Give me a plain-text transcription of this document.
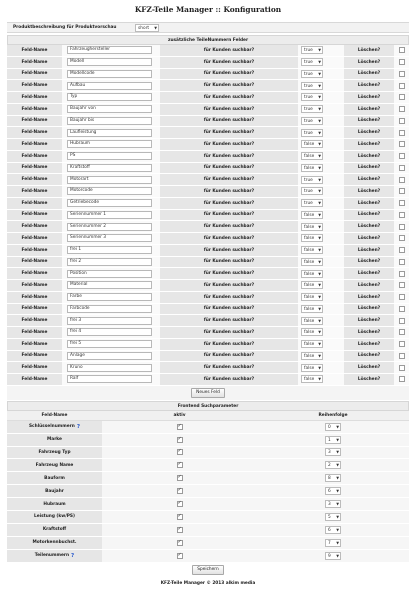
KFZ-Teile Manager :: Konfiguration
Produktbeschreibung für Produktvorschau	short ▼
zusätzliche TeileNummern Felder
Feld-Name	Fahrzeughersteller	für Kunden suchbar?	true ▼	Löschen?
Feld-Name	Modell	für Kunden suchbar?	true ▼	Löschen?
Feld-Name	Modellcode	für Kunden suchbar?	true ▼	Löschen?
Feld-Name	Aufbau	für Kunden suchbar?	true ▼	Löschen?
Feld-Name	Typ	für Kunden suchbar?	true ▼	Löschen?
Feld-Name	Baujahr von	für Kunden suchbar?	true ▼	Löschen?
Feld-Name	Baujahr bis	für Kunden suchbar?	true ▼	Löschen?
Feld-Name	Laufleistung	für Kunden suchbar?	true ▼	Löschen?
Feld-Name	Hubraum	für Kunden suchbar?	false ▼	Löschen?
Feld-Name	PS	für Kunden suchbar?	false ▼	Löschen?
Feld-Name	Kraftstoff	für Kunden suchbar?	false ▼	Löschen?
Feld-Name	Motorart	für Kunden suchbar?	true ▼	Löschen?
Feld-Name	Motorcode	für Kunden suchbar?	true ▼	Löschen?
Feld-Name	Getriebecode	für Kunden suchbar?	true ▼	Löschen?
Feld-Name	Seriennummer 1	für Kunden suchbar?	false ▼	Löschen?
Feld-Name	Seriennummer 2	für Kunden suchbar?	false ▼	Löschen?
Feld-Name	Seriennummer 3	für Kunden suchbar?	false ▼	Löschen?
Feld-Name	frei 1	für Kunden suchbar?	false ▼	Löschen?
Feld-Name	frei 2	für Kunden suchbar?	false ▼	Löschen?
Feld-Name	Position	für Kunden suchbar?	false ▼	Löschen?
Feld-Name	Material	für Kunden suchbar?	false ▼	Löschen?
Feld-Name	Farbe	für Kunden suchbar?	false ▼	Löschen?
Feld-Name	Farbcode	für Kunden suchbar?	false ▼	Löschen?
Feld-Name	frei 3	für Kunden suchbar?	false ▼	Löschen?
Feld-Name	frei 4	für Kunden suchbar?	false ▼	Löschen?
Feld-Name	frei 5	für Kunden suchbar?	false ▼	Löschen?
Feld-Name	Anlage	für Kunden suchbar?	false ▼	Löschen?
Feld-Name	Kruno	für Kunden suchbar?	false ▼	Löschen?
Feld-Name	Ralf	für Kunden suchbar?	false ▼	Löschen?
Neues Feld
Frontend Suchparameter
Feld-Name	aktiv	Reihenfolge
Schlüsselnummern ? ✓	0 ▼
Marke ✓	1 ▼
Fahrzeug Typ ✓	3 ▼
Fahrzeug Name ✓	2 ▼
Bauform ✓	8 ▼
Baujahr ✓	6 ▼
Hubraum ✓	3 ▼
Leistung (kw/PS) ✓	5 ▼
Kraftstoff ✓	6 ▼
Motorkennbuchst. ✓	7 ▼
Teilenummern ? ✓	9 ▼
Speichern
KFZ-Teile Manager © 2013 alkim media
